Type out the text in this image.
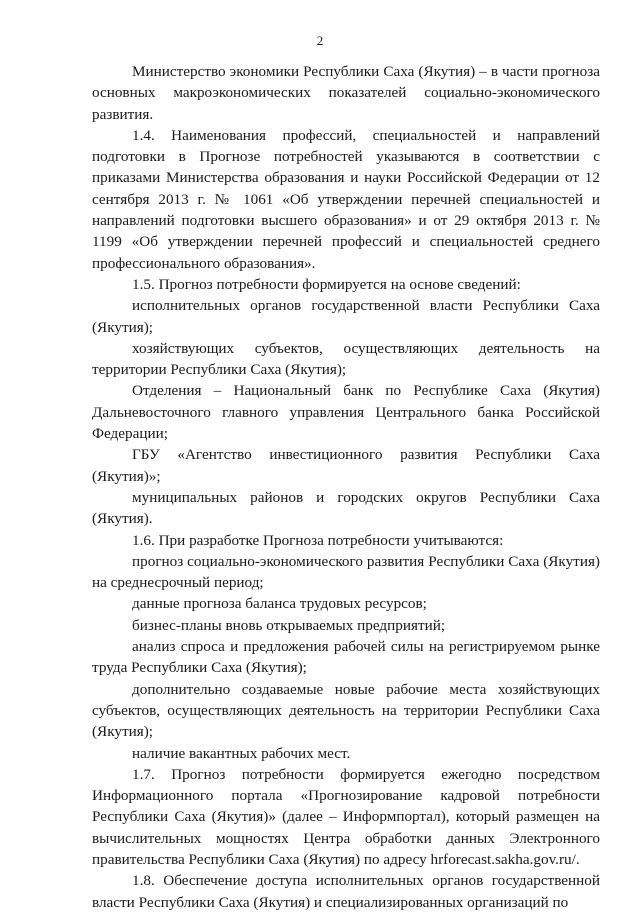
2

Министерство экономики Республики Саха (Якутия) – в части прогноза основных макроэкономических показателей социально-экономического развития.

1.4. Наименования профессий, специальностей и направлений подготовки в Прогнозе потребностей указываются в соответствии с приказами Министерства образования и науки Российской Федерации от 12 сентября 2013 г. № 1061 «Об утверждении перечней специальностей и направлений подготовки высшего образования» и от 29 октября 2013 г. № 1199 «Об утверждении перечней профессий и специальностей среднего профессионального образования».

1.5. Прогноз потребности формируется на основе сведений:

исполнительных органов государственной власти Республики Саха (Якутия);

хозяйствующих субъектов, осуществляющих деятельность на территории Республики Саха (Якутия);

Отделения – Национальный банк по Республике Саха (Якутия) Дальневосточного главного управления Центрального банка Российской Федерации;

ГБУ «Агентство инвестиционного развития Республики Саха (Якутия)»;

муниципальных районов и городских округов Республики Саха (Якутия).

1.6. При разработке Прогноза потребности учитываются:

прогноз социально-экономического развития Республики Саха (Якутия) на среднесрочный период;

данные прогноза баланса трудовых ресурсов;

бизнес-планы вновь открываемых предприятий;

анализ спроса и предложения рабочей силы на регистрируемом рынке труда Республики Саха (Якутия);

дополнительно создаваемые новые рабочие места хозяйствующих субъектов, осуществляющих деятельность на территории Республики Саха (Якутия);

наличие вакантных рабочих мест.

1.7. Прогноз потребности формируется ежегодно посредством Информационного портала «Прогнозирование кадровой потребности Республики Саха (Якутия)» (далее – Информпортал), который размещен на вычислительных мощностях Центра обработки данных Электронного правительства Республики Саха (Якутия) по адресу hrforecast.sakha.gov.ru/.

1.8. Обеспечение доступа исполнительных органов государственной власти Республики Саха (Якутия) и специализированных организаций по
